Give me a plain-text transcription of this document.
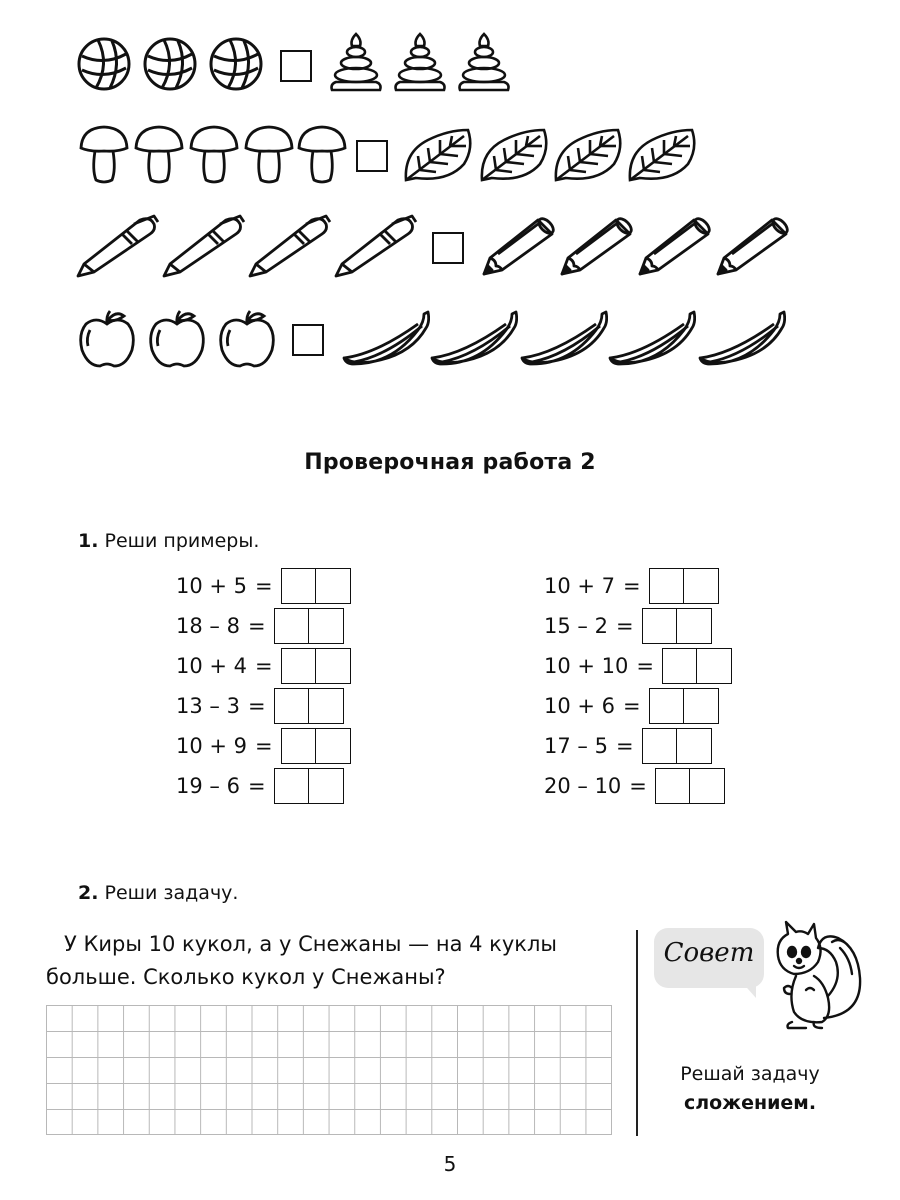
Проверочная работа 2
1. Реши примеры.
10 + 5 =
18 – 8 =
10 + 4 =
13 – 3 =
10 + 9 =
19 – 6 =
10 + 7 =
15 – 2 =
10 + 10 =
10 + 6 =
17 – 5 =
20 – 10 =
2. Реши задачу.
У Киры 10 кукол, а у Снежаны — на 4 куклы
больше. Сколько кукол у Снежаны?
Совет
Решай задачу
сложением.
5
